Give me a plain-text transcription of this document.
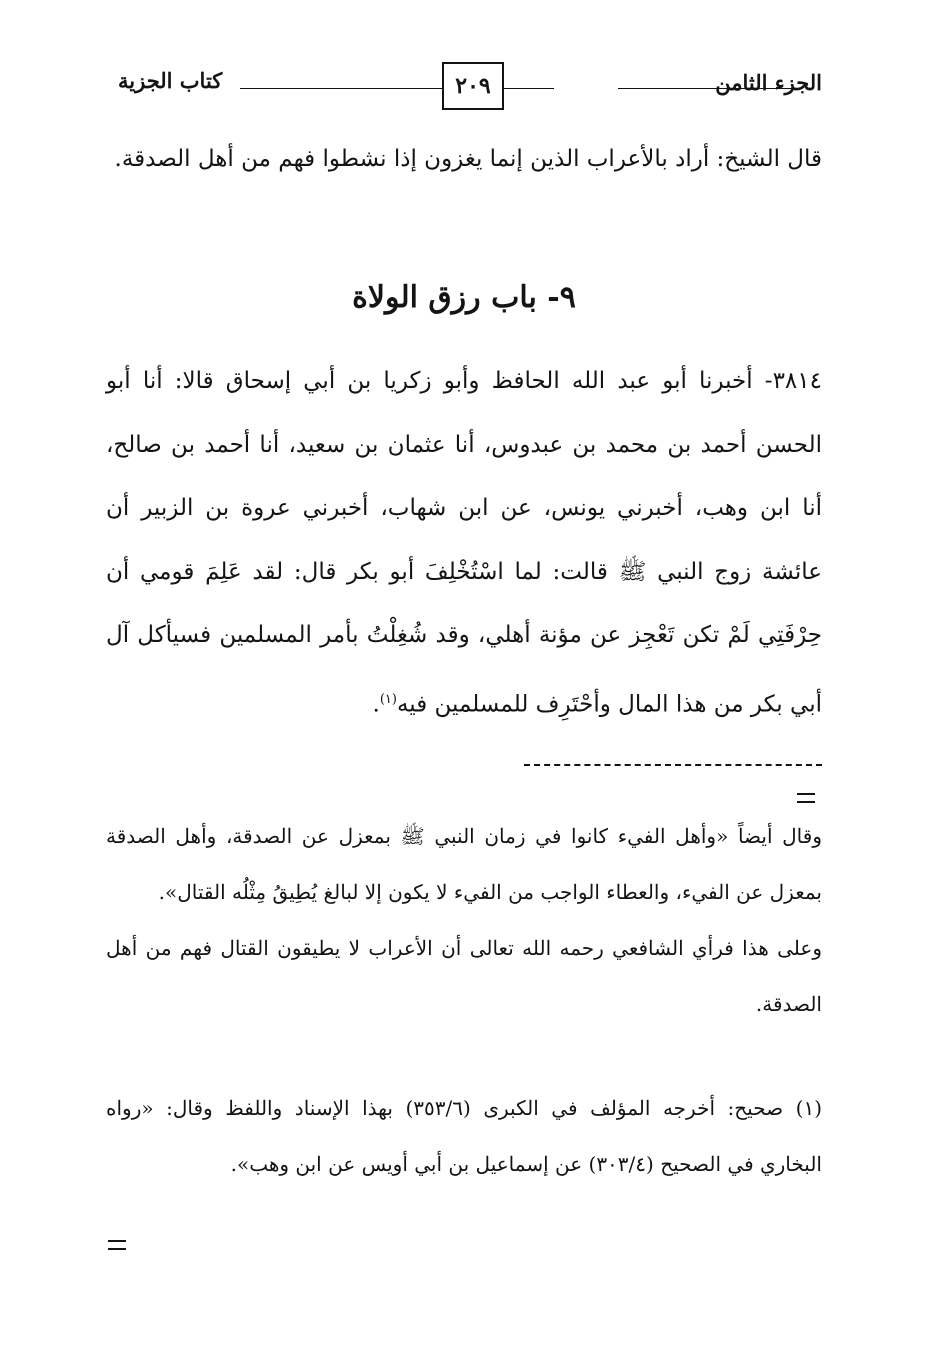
الجزء الثامن
كتاب الجزية	٢٠٩
قال الشيخ: أراد بالأعراب الذين إنما يغزون إذا نشطوا فهم من أهل الصدقة.
٩- باب رزق الولاة
٣٨١٤- أخبرنا أبو عبد الله الحافظ وأبو زكريا بن أبي إسحاق قالا: أنا أبو الحسن أحمد بن محمد بن عبدوس، أنا عثمان بن سعيد، أنا أحمد بن صالح، أنا ابن وهب، أخبرني يونس، عن ابن شهاب، أخبرني عروة بن الزبير أن عائشة زوج النبي ﷺ قالت: لما اسْتُخْلِفَ أبو بكر قال: لقد عَلِمَ قومي أن حِرْفَتِي لَمْ تكن تَعْجِز عن مؤنة أهلي، وقد شُغِلْتُ بأمر المسلمين فسيأكل آل أبي بكر من هذا المال وأحْتَرِف للمسلمين فيه$^{(١)}$.

وقال أيضاً «وأهل الفيء كانوا في زمان النبي ﷺ بمعزل عن الصدقة، وأهل الصدقة بمعزل عن الفيء، والعطاء الواجب من الفيء لا يكون إلا لبالغ يُطِيقُ مِثْلُه القتال».

وعلى هذا فرأي الشافعي رحمه الله تعالى أن الأعراب لا يطيقون القتال فهم من أهل الصدقة.

(١) صحيح: أخرجه المؤلف في الكبرى (٣٥٣/٦) بهذا الإسناد واللفظ وقال: «رواه البخاري في الصحيح (٣٠٣/٤) عن إسماعيل بن أبي أويس عن ابن وهب».
